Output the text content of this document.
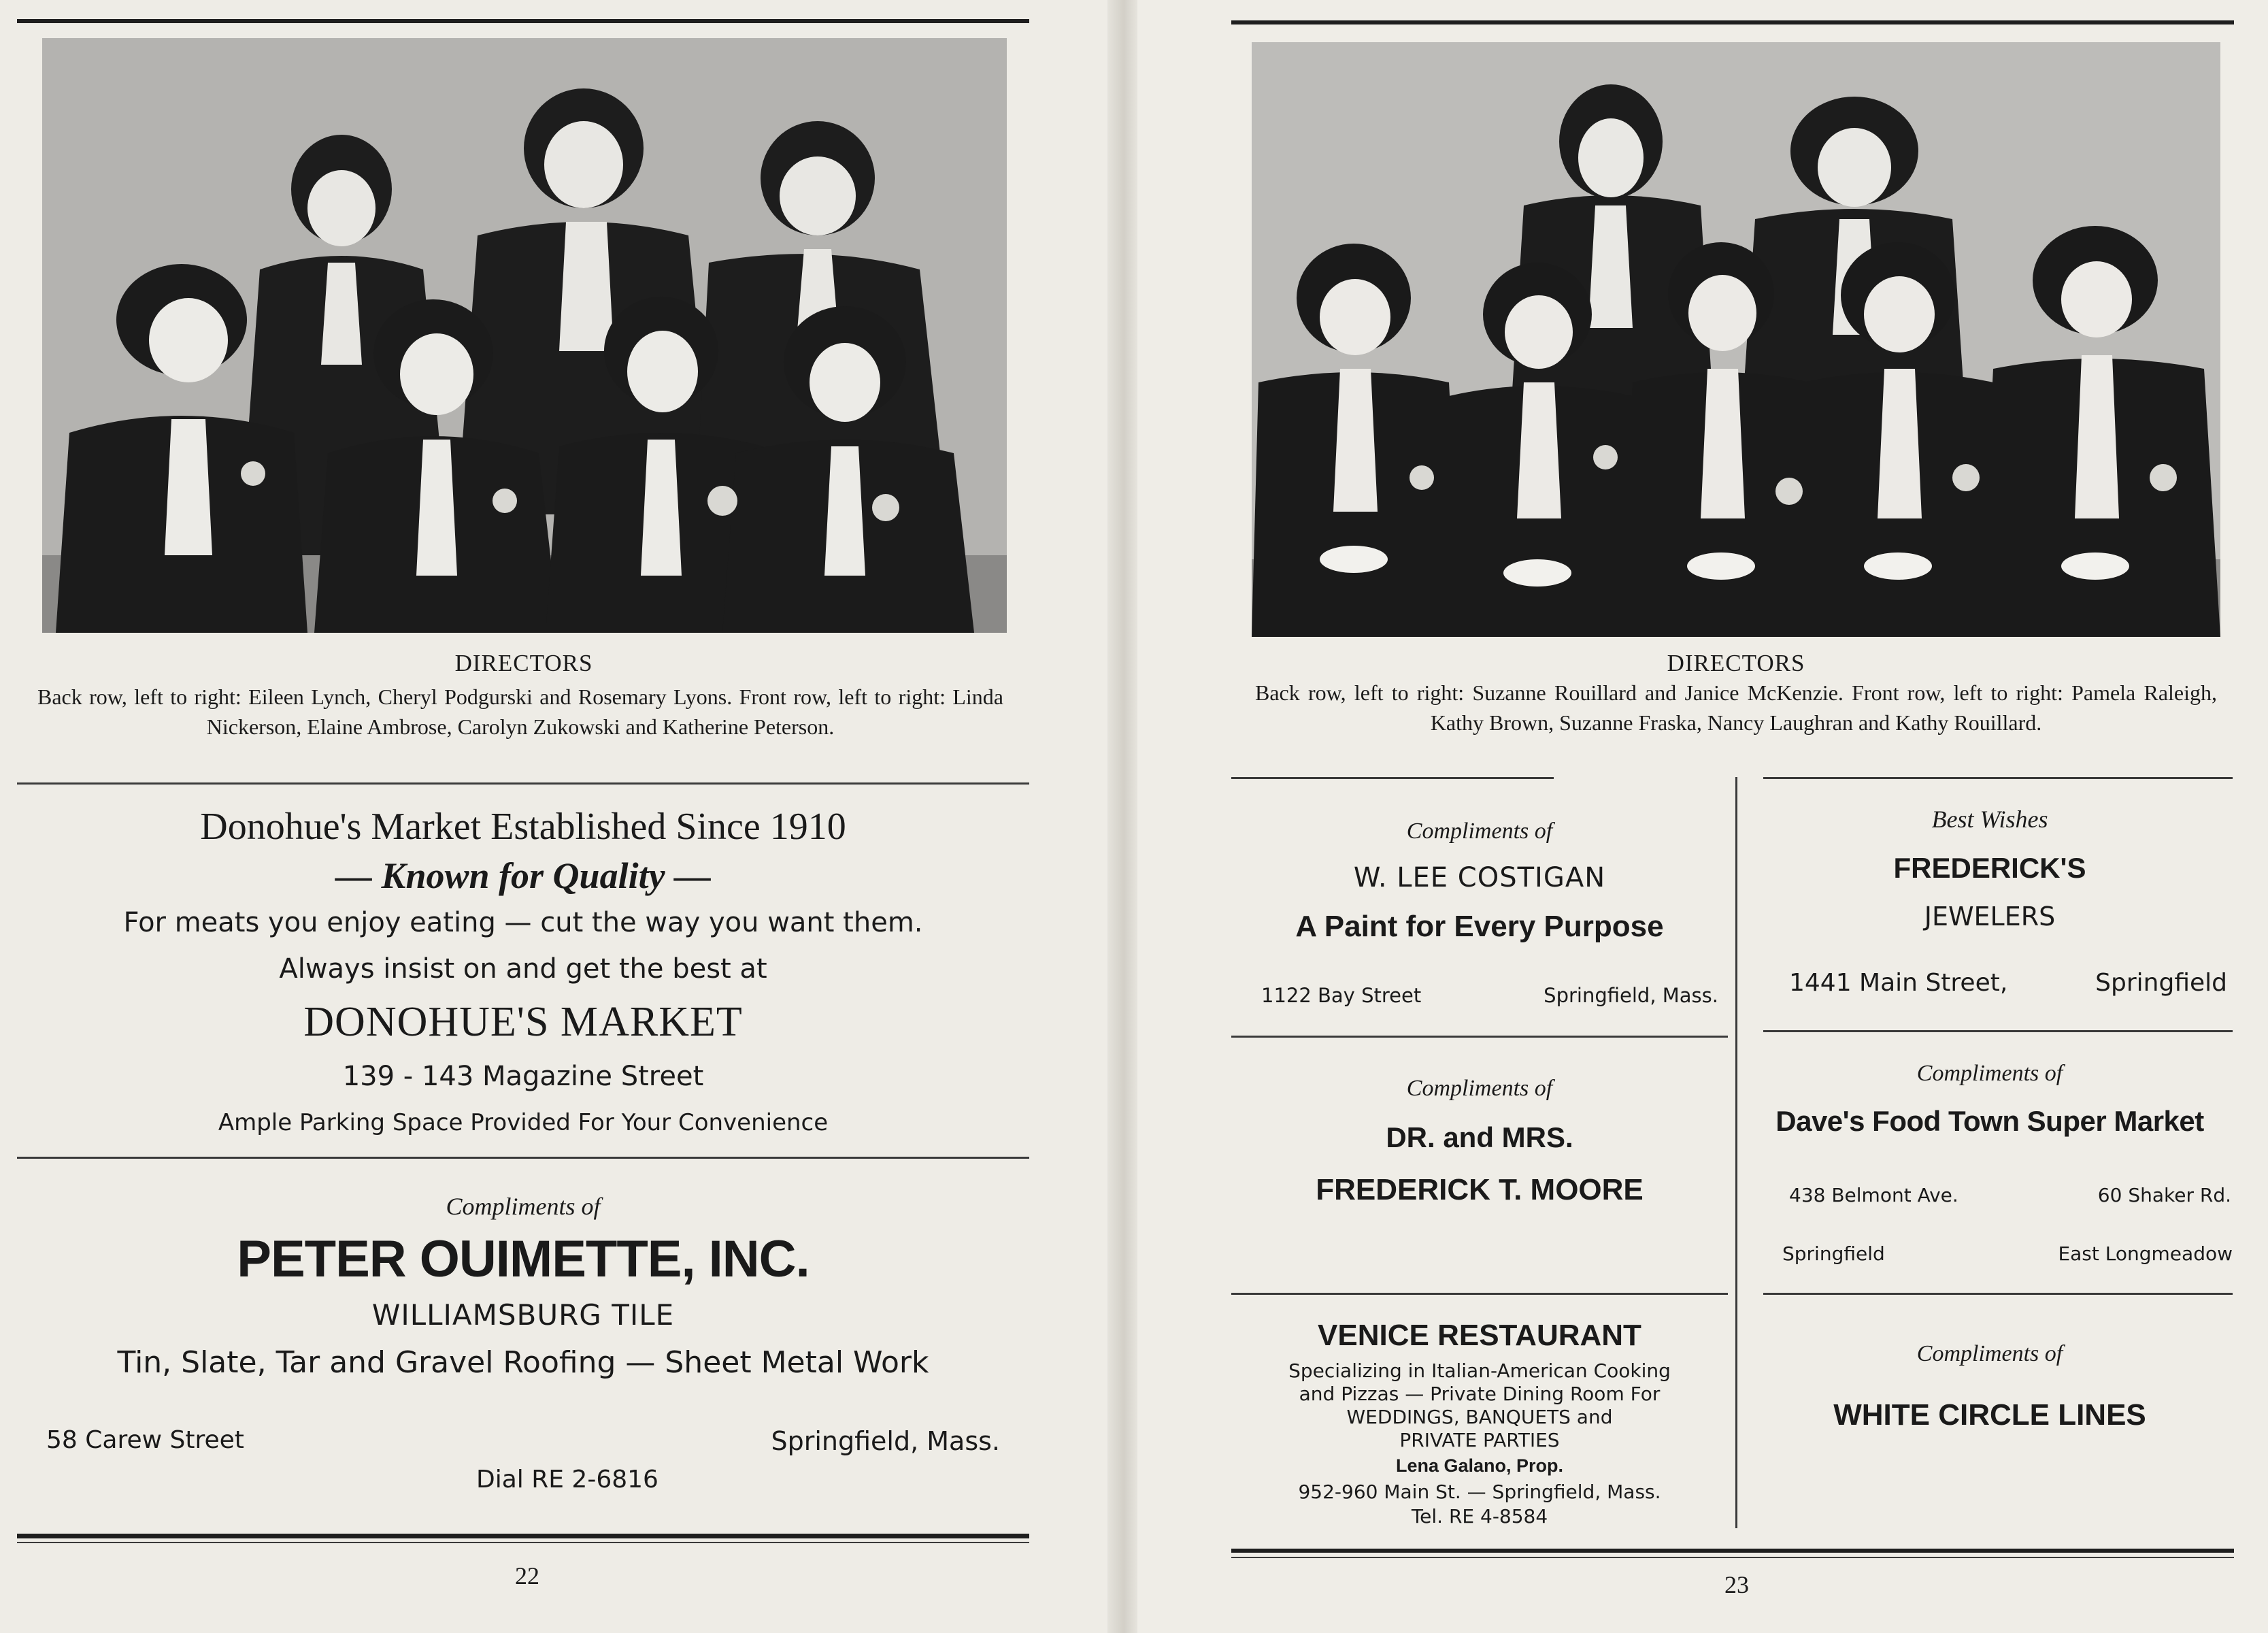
DIRECTORS
Back row, left to right: Eileen Lynch, Cheryl Podgurski and Rosemary Lyons. Front row, left to right: Linda Nickerson, Elaine Ambrose, Carolyn Zukowski and Katherine Peterson.
Donohue's Market Established Since 1910
— Known for Quality —
For meats you enjoy eating — cut the way you want them.
Always insist on and get the best at
DONOHUE'S MARKET
139 - 143 Magazine Street
Ample Parking Space Provided For Your Convenience
Compliments of
PETER OUIMETTE, INC.
WILLIAMSBURG TILE
Tin, Slate, Tar and Gravel Roofing — Sheet Metal Work
58 Carew Street	Springfield, Mass.
Dial RE 2-6816
22
DIRECTORS
Back row, left to right: Suzanne Rouillard and Janice McKenzie. Front row, left to right: Pamela Raleigh, Kathy Brown, Suzanne Fraska, Nancy Laughran and Kathy Rouillard.
Compliments of
W. LEE COSTIGAN
A Paint for Every Purpose
1122 Bay Street	Springfield, Mass.
Compliments of
DR. and MRS.
FREDERICK T. MOORE
VENICE RESTAURANT
Specializing in Italian-American Cooking
and Pizzas — Private Dining Room For
WEDDINGS, BANQUETS and
PRIVATE PARTIES
Lena Galano, Prop.
952-960 Main St. — Springfield, Mass.
Tel. RE 4-8584
Best Wishes
FREDERICK'S
JEWELERS
1441 Main Street,	Springfield
Compliments of
Dave's Food Town Super Market
438 Belmont Ave.	60 Shaker Rd.
Springfield	East Longmeadow
Compliments of
WHITE CIRCLE LINES
23
